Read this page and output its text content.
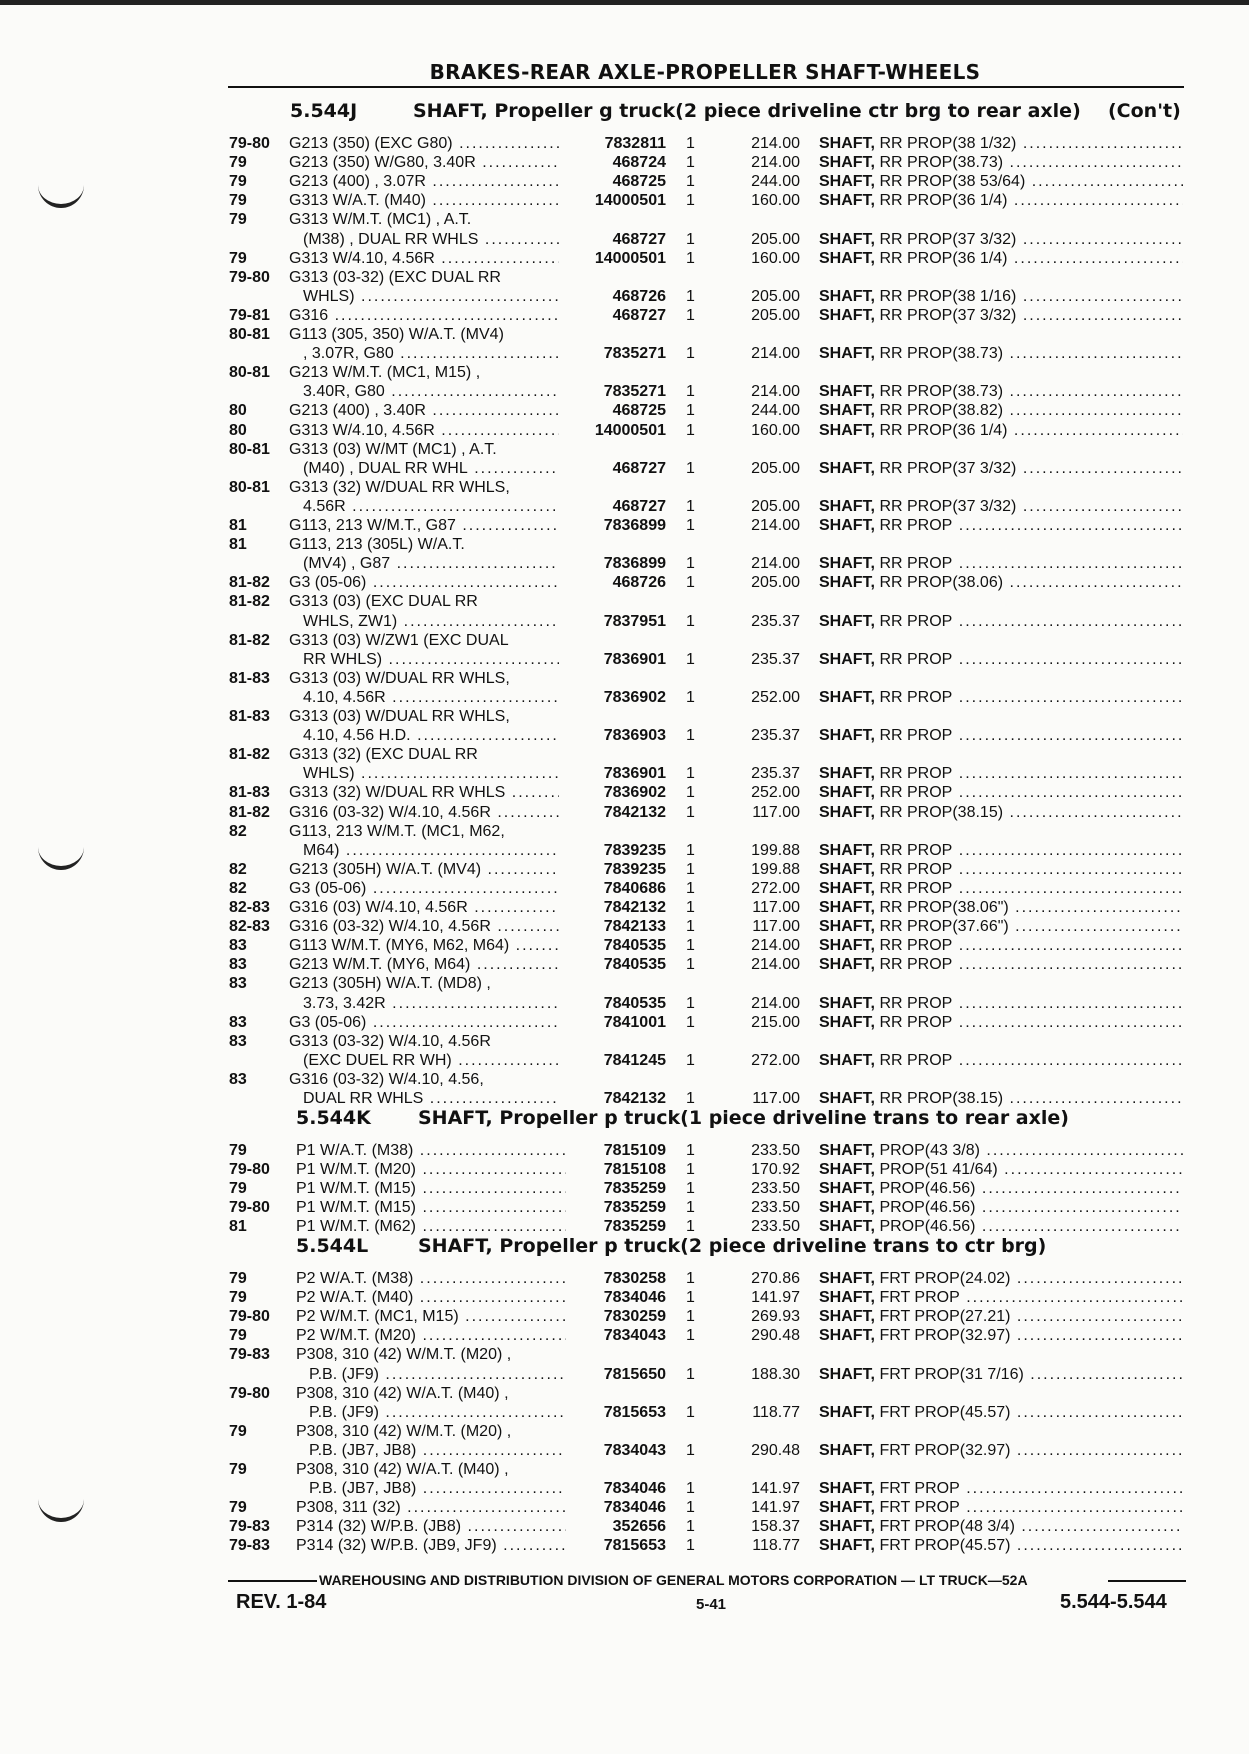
BRAKES-REAR AXLE-PROPELLER SHAFT-WHEELS
5.544J	SHAFT, Propeller g truck(2 piece driveline ctr brg to rear axle) (Con't)
79-80 G213 (350) (EXC G80) .....	7832811 1	214.00 SHAFT, RR PROP(38 1/32) .....
79	G213 (350) W/G80, 3.40R .....	468724 1	214.00 SHAFT, RR PROP(38.73) .....
79	G213 (400) , 3.07R .....	468725 1	244.00 SHAFT, RR PROP(38 53/64) .....
79	G313 W/A.T. (M40) .....	14000501 1	160.00 SHAFT, RR PROP(36 1/4) .....
79	G313 W/M.T. (MC1) , A.T.
(M38) , DUAL RR WHLS .....	468727 1	205.00 SHAFT, RR PROP(37 3/32) .....
79	G313 W/4.10, 4.56R .....	14000501 1	160.00 SHAFT, RR PROP(36 1/4) .....
79-80 G313 (03-32) (EXC DUAL RR
WHLS) .....	468726 1	205.00 SHAFT, RR PROP(38 1/16) .....
79-81 G316 .....	468727 1	205.00 SHAFT, RR PROP(37 3/32) .....
80-81 G113 (305, 350) W/A.T. (MV4)
, 3.07R, G80 .....	7835271 1	214.00 SHAFT, RR PROP(38.73) .....
80-81 G213 W/M.T. (MC1, M15) ,
3.40R, G80 .....	7835271 1	214.00 SHAFT, RR PROP(38.73) .....
80	G213 (400) , 3.40R .....	468725 1	244.00 SHAFT, RR PROP(38.82) .....
80	G313 W/4.10, 4.56R .....	14000501 1	160.00 SHAFT, RR PROP(36 1/4) .....
80-81 G313 (03) W/MT (MC1) , A.T.
(M40) , DUAL RR WHL .....	468727 1	205.00 SHAFT, RR PROP(37 3/32) .....
80-81 G313 (32) W/DUAL RR WHLS,
4.56R .....	468727 1	205.00 SHAFT, RR PROP(37 3/32) .....
81	G113, 213 W/M.T., G87 .....	7836899 1	214.00 SHAFT, RR PROP .....
81	G113, 213 (305L) W/A.T.
(MV4) , G87 .....	7836899 1	214.00 SHAFT, RR PROP .....
81-82 G3 (05-06) .....	468726 1	205.00 SHAFT, RR PROP(38.06) .....
81-82 G313 (03) (EXC DUAL RR
WHLS, ZW1) .....	7837951 1	235.37 SHAFT, RR PROP .....
81-82 G313 (03) W/ZW1 (EXC DUAL
RR WHLS) .....	7836901 1	235.37 SHAFT, RR PROP .....
81-83 G313 (03) W/DUAL RR WHLS,
4.10, 4.56R .....	7836902 1	252.00 SHAFT, RR PROP .....
81-83 G313 (03) W/DUAL RR WHLS,
4.10, 4.56 H.D. .....	7836903 1	235.37 SHAFT, RR PROP .....
81-82 G313 (32) (EXC DUAL RR
WHLS) .....	7836901 1	235.37 SHAFT, RR PROP .....
81-83 G313 (32) W/DUAL RR WHLS .....	7836902 1	252.00 SHAFT, RR PROP .....
81-82 G316 (03-32) W/4.10, 4.56R .....	7842132 1	117.00 SHAFT, RR PROP(38.15) .....
82	G113, 213 W/M.T. (MC1, M62,
M64) .....	7839235 1	199.88 SHAFT, RR PROP .....
82	G213 (305H) W/A.T. (MV4) .....	7839235 1	199.88 SHAFT, RR PROP .....
82	G3 (05-06) .....	7840686 1	272.00 SHAFT, RR PROP .....
82-83 G316 (03) W/4.10, 4.56R .....	7842132 1	117.00 SHAFT, RR PROP(38.06") .....
82-83 G316 (03-32) W/4.10, 4.56R .....	7842133 1	117.00 SHAFT, RR PROP(37.66") .....
83	G113 W/M.T. (MY6, M62, M64) .....	7840535 1	214.00 SHAFT, RR PROP .....
83	G213 W/M.T. (MY6, M64) .....	7840535 1	214.00 SHAFT, RR PROP .....
83	G213 (305H) W/A.T. (MD8) ,
3.73, 3.42R .....	7840535 1	214.00 SHAFT, RR PROP .....
83	G3 (05-06) .....	7841001 1	215.00 SHAFT, RR PROP .....
83	G313 (03-32) W/4.10, 4.56R
(EXC DUEL RR WH) .....	7841245 1	272.00 SHAFT, RR PROP .....
83	G316 (03-32) W/4.10, 4.56,
DUAL RR WHLS .....	7842132 1	117.00 SHAFT, RR PROP(38.15) .....
5.544K SHAFT, Propeller p truck(1 piece driveline trans to rear axle)
79	P1 W/A.T. (M38) .....	7815109 1	233.50 SHAFT, PROP(43 3/8) .....
79-80 P1 W/M.T. (M20) .....	7815108 1	170.92 SHAFT, PROP(51 41/64) .....
79	P1 W/M.T. (M15) .....	7835259 1	233.50 SHAFT, PROP(46.56) .....
79-80 P1 W/M.T. (M15) .....	7835259 1	233.50 SHAFT, PROP(46.56) .....
81	P1 W/M.T. (M62) .....	7835259 1	233.50 SHAFT, PROP(46.56) .....
5.544L	SHAFT, Propeller p truck(2 piece driveline trans to ctr brg)
79	P2 W/A.T. (M38) .....	7830258 1	270.86 SHAFT, FRT PROP(24.02) .....
79	P2 W/A.T. (M40) .....	7834046 1	141.97 SHAFT, FRT PROP .....
79-80 P2 W/M.T. (MC1, M15) .....	7830259 1	269.93 SHAFT, FRT PROP(27.21) .....
79	P2 W/M.T. (M20) .....	7834043 1	290.48 SHAFT, FRT PROP(32.97) .....
79-83 P308, 310 (42) W/M.T. (M20) ,
P.B. (JF9) .....	7815650 1	188.30 SHAFT, FRT PROP(31 7/16) .....
79-80 P308, 310 (42) W/A.T. (M40) ,
P.B. (JF9) .....	7815653 1	118.77 SHAFT, FRT PROP(45.57) .....
79	P308, 310 (42) W/M.T. (M20) ,
P.B. (JB7, JB8) .....	7834043 1	290.48 SHAFT, FRT PROP(32.97) .....
79	P308, 310 (42) W/A.T. (M40) ,
P.B. (JB7, JB8) .....	7834046 1	141.97 SHAFT, FRT PROP .....
79	P308, 311 (32) .....	7834046 1	141.97 SHAFT, FRT PROP .....
79-83 P314 (32) W/P.B. (JB8) .....	352656 1	158.37 SHAFT, FRT PROP(48 3/4) .....
79-83 P314 (32) W/P.B. (JB9, JF9) .....	7815653 1	118.77 SHAFT, FRT PROP(45.57) .....
WAREHOUSING AND DISTRIBUTION DIVISION OF GENERAL MOTORS CORPORATION — LT TRUCK—52A
REV. 1-84	5-41	5.544-5.544
